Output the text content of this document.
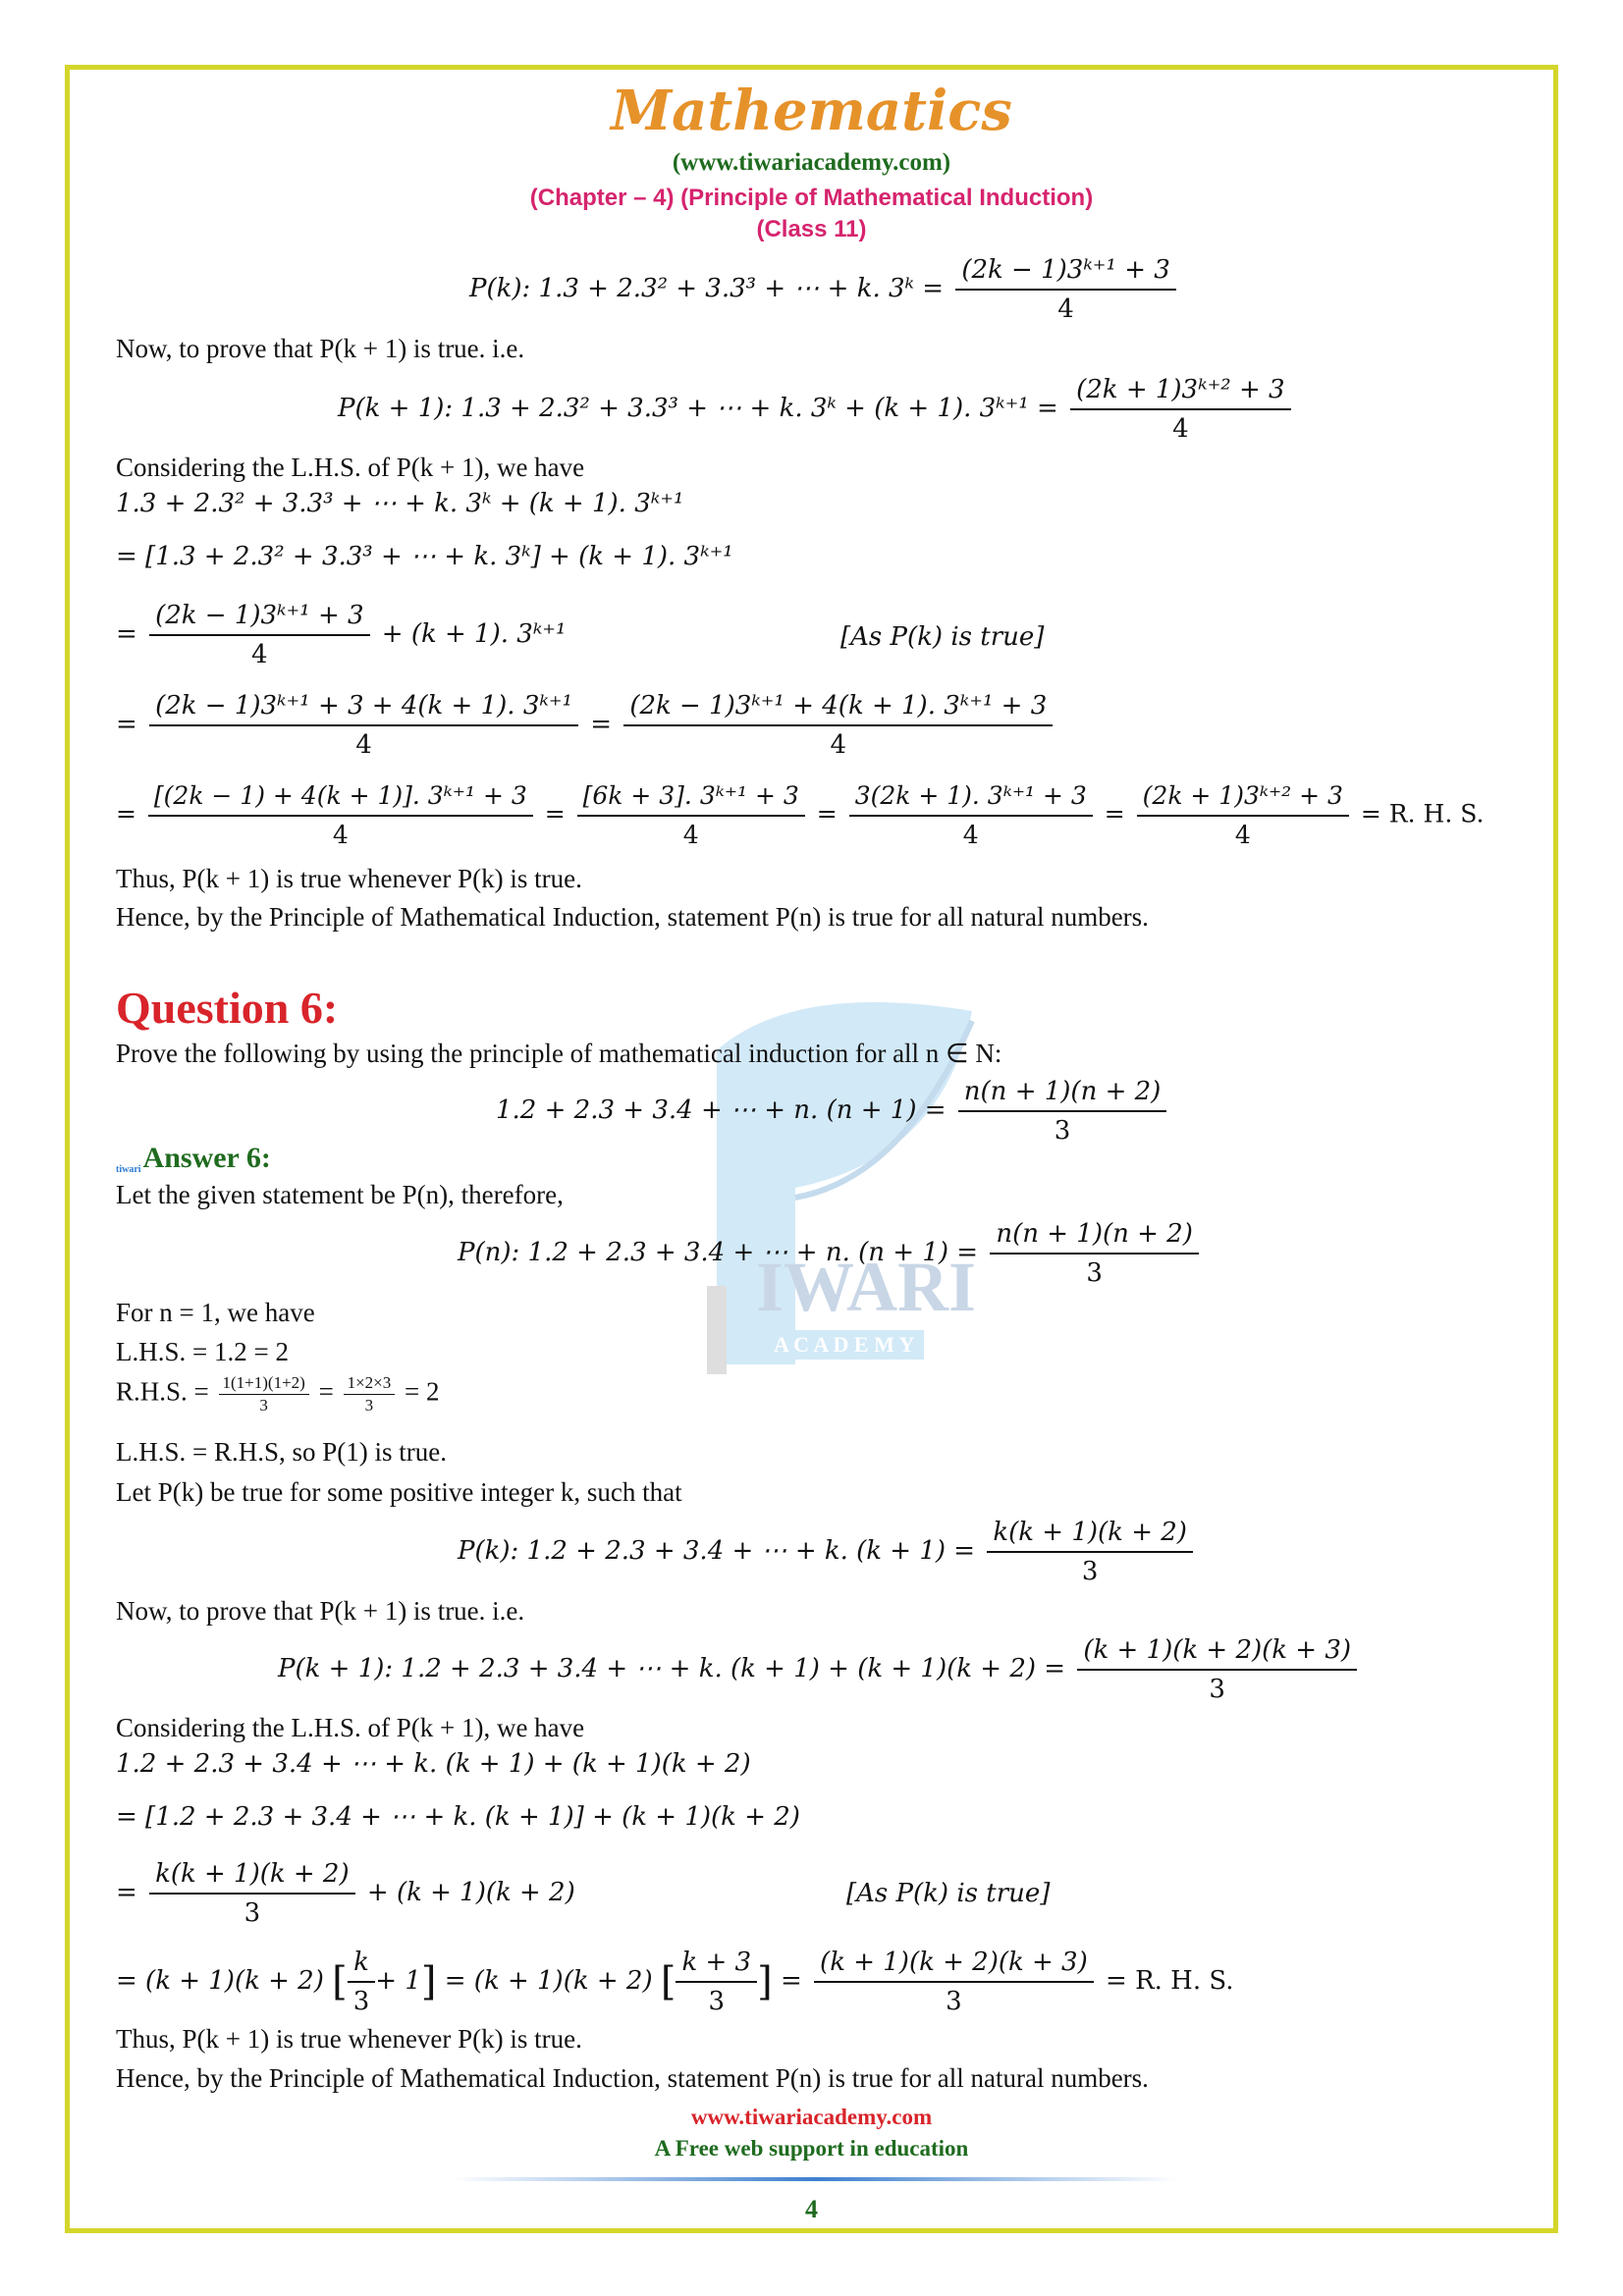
IWARI
A C A D E M Y
Mathematics
(www.tiwariacademy.com)
(Chapter – 4) (Principle of Mathematical Induction)
(Class 11)
P(k): 1.3 + 2.3² + 3.3³ + ⋯ + k. 3ᵏ = $\frac{\text{(2k − 1)3ᵏ⁺¹ + 3}}{4}$
Now, to prove that P(k + 1) is true. i.e.
P(k + 1): 1.3 + 2.3² + 3.3³ + ⋯ + k. 3ᵏ + (k + 1). 3ᵏ⁺¹ = $\frac{\text{(2k + 1)3ᵏ⁺² + 3}}{4}$
Considering the L.H.S. of P(k + 1), we have
1.3 + 2.3² + 3.3³ + ⋯ + k. 3ᵏ + (k + 1). 3ᵏ⁺¹
= [1.3 + 2.3² + 3.3³ + ⋯ + k. 3ᵏ] + (k + 1). 3ᵏ⁺¹
= $\frac{\text{(2k − 1)3ᵏ⁺¹ + 3}}{4} + (k + 1)$. 3ᵏ⁺¹	[As P(k) is true]
= $\frac{\text{(2k − 1)3ᵏ⁺¹ + 3 + 4(k + 1). 3ᵏ⁺¹}}{4} = \frac{\text{(2k − 1)3ᵏ⁺¹ + 4(k + 1). 3ᵏ⁺¹ + 3}}{4}$
= $\frac{\text{[(2k − 1) + 4(k + 1)]. 3ᵏ⁺¹ + 3}}{4} = \frac{\text{[6k + 3]. 3ᵏ⁺¹ + 3}}{4} = \frac{\text{3(2k + 1). 3ᵏ⁺¹ + 3}}{4} = \frac{\text{(2k + 1)3ᵏ⁺² + 3}}{4} = R$. H. S.
Thus, P(k + 1) is true whenever P(k) is true.
Hence, by the Principle of Mathematical Induction, statement P(n) is true for all natural numbers.
Question 6:
Prove the following by using the principle of mathematical induction for all n ∈ N:
1.2 + 2.3 + 3.4 + ⋯ + n. $(n + 1) = \frac{n(n + 1)(n + 2)}{3}$
tiwariAnswer 6:
Let the given statement be P(n), therefore,
P(n): 1.2 + 2.3 + 3.4 + ⋯ + n. $(n + 1) = \frac{n(n + 1)(n + 2)}{3}$
For n = 1, we have
L.H.S. = 1.2 = 2
R.H.S. = $\frac{1(1+1)(1+2)}{3} = \frac{1\times 2\times 3}{3} = 2$
L.H.S. = R.H.S, so P(1) is true.
Let P(k) be true for some positive integer k, such that
P(k): 1.2 + 2.3 + 3.4 + ⋯ + k. $(k + 1) = \frac{k(k + 1)(k + 2)}{3}$
Now, to prove that P(k + 1) is true. i.e.
P(k + 1): 1.2 + 2.3 + 3.4 + ⋯ + k. $(k + 1) + (k + 1)(k + 2) = \frac{(k + 1)(k + 2)(k + 3)}{3}$
Considering the L.H.S. of P(k + 1), we have
1.2 + 2.3 + 3.4 + ⋯ + k. (k + 1) + (k + 1)(k + 2)
= [1.2 + 2.3 + 3.4 + ⋯ + k. (k + 1)] + (k + 1)(k + 2)
= $\frac{k(k + 1)(k + 2)}{3} + (k + 1)(k + 2)$	[As P(k) is true]
= (k + 1)(k + 2) [ $\frac{k}{3} + 1] = (k + 1)(k + 2)$ [ $\frac{k + 3}{3}$ ] = $\frac{(k + 1)(k + 2)(k + 3)}{3} = R$. H. S.
Thus, P(k + 1) is true whenever P(k) is true.
Hence, by the Principle of Mathematical Induction, statement P(n) is true for all natural numbers.
www.tiwariacademy.com
A Free web support in education
4
